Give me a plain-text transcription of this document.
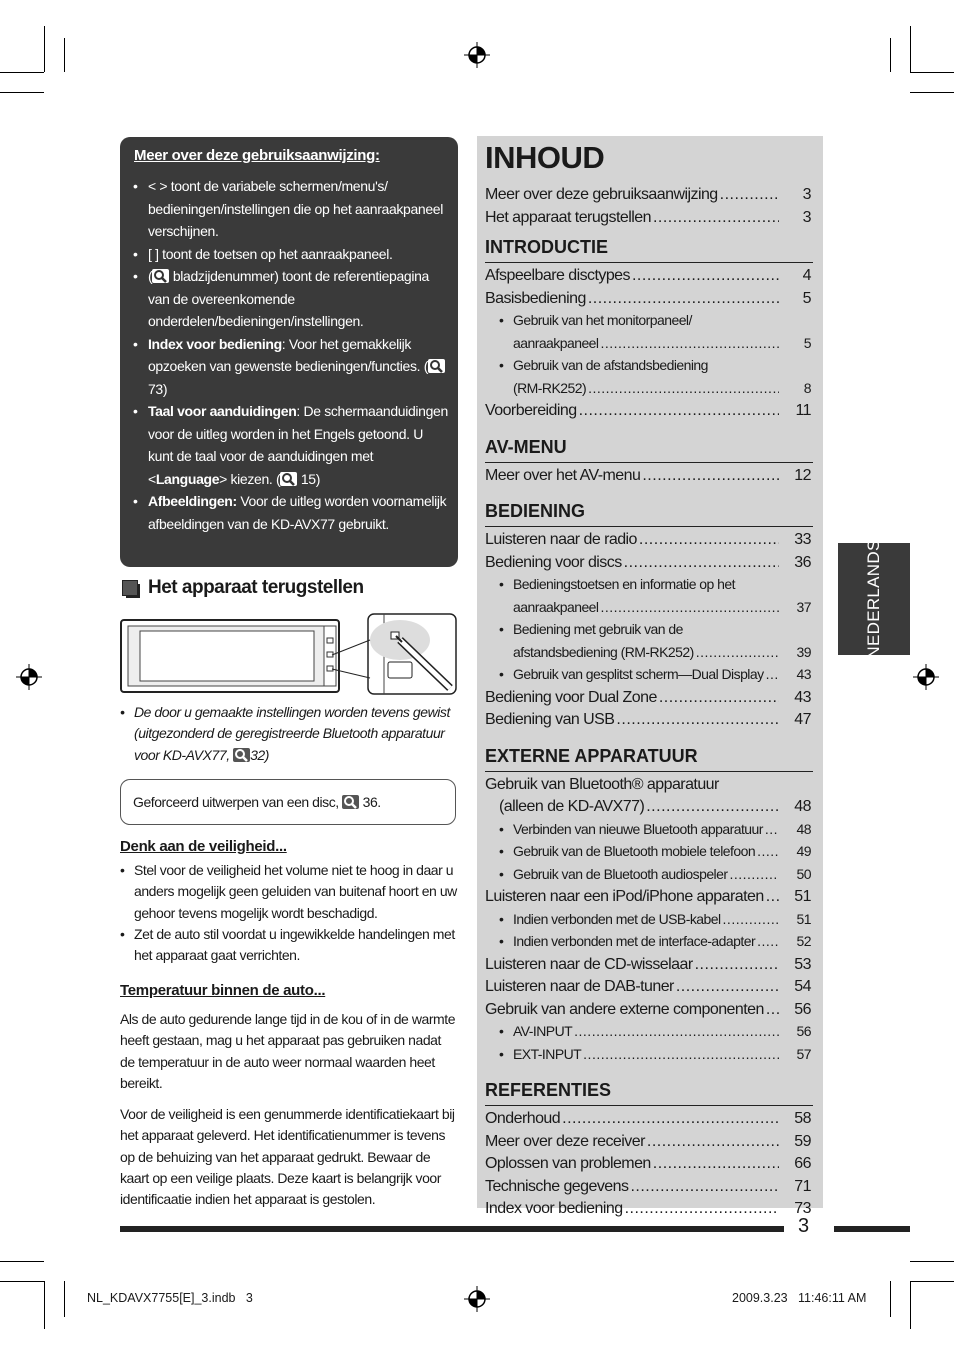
Meer over deze gebruiksaanwijzing:
• < > toont de variabele schermen/menu's/ bedieningen/instellingen die op het aanraakpaneel verschijnen.
• [ ] toont de toetsen op het aanraakpaneel.
• ( bladzijdenummer) toont de referentiepagina van de overeenkomende onderdelen/bedieningen/instellingen.
• Index voor bediening: Voor het gemakkelijk opzoeken van gewenste bedieningen/functies. (
73)
• Taal voor aanduidingen: De schermaanduidingen voor de uitleg worden in het Engels getoond. U kunt de taal voor de aanduidingen met <Language> kiezen. ( 15)
• Afbeeldingen: Voor de uitleg worden voornamelijk afbeeldingen van de KD-AVX77 gebruikt.
Het apparaat terugstellen
• De door u gemaakte instellingen worden tevens gewist (uitgezonderd de geregistreerde Bluetooth apparatuur voor KD-AVX77, 32)
Geforceerd uitwerpen van een disc, 36.
Denk aan de veiligheid...
• Stel voor de veiligheid het volume niet te hoog in daar u anders mogelijk geen geluiden van buitenaf hoort en uw gehoor tevens mogelijk wordt beschadigd.
• Zet de auto stil voordat u ingewikkelde handelingen met het apparaat gaat verrichten.
Temperatuur binnen de auto...
Als de auto gedurende lange tijd in de kou of in de warmte heeft gestaan, mag u het apparaat pas gebruiken nadat de temperatuur in de auto weer normaal waarden heet bereikt.
Voor de veiligheid is een genummerde identificatiekaart bij het apparaat geleverd. Het identificatienummer is tevens op de behuizing van het apparaat gedrukt. Bewaar de kaart op een veilige plaats. Deze kaart is belangrijk voor identificaatie indien het apparaat is gestolen.
INHOUD
Meer over deze gebruiksaanwijzing .....	3
Het apparaat terugstellen .....	3
INTRODUCTIE
Afspeelbare disctypes .....	4
Basisbediening .....	5
• Gebruik van het monitorpaneel/
aanraakpaneel .....	5
• Gebruik van de afstandsbediening
(RM-RK252) .....	8
Voorbereiding .....	11
AV-MENU
Meer over het AV-menu .....	12
BEDIENING
Luisteren naar de radio .....	33
Bediening voor discs .....	36
• Bedieningstoetsen en informatie op het
aanraakpaneel .....	37
• Bediening met gebruik van de
afstandsbediening (RM-RK252) .....	39
• Gebruik van gesplitst scherm—Dual Display .....	43
Bediening voor Dual Zone .....	43
Bediening van USB .....	47
EXTERNE APPARATUUR
Gebruik van Bluetooth® apparatuur
(alleen de KD-AVX77) .....	48
• Verbinden van nieuwe Bluetooth apparatuur .....	48
• Gebruik van de Bluetooth mobiele telefoon .....	49
• Gebruik van de Bluetooth audiospeler .....	50
Luisteren naar een iPod/iPhone apparaten .....	51
• Indien verbonden met de USB-kabel .....	51
• Indien verbonden met de interface-adapter .....	52
Luisteren naar de CD-wisselaar .....	53
Luisteren naar de DAB-tuner .....	54
Gebruik van andere externe componenten .....	56
• AV-INPUT .....	56
• EXT-INPUT .....	57
REFERENTIES
Onderhoud .....	58
Meer over deze receiver .....	59
Oplossen van problemen .....	66
Technische gegevens .....	71
Index voor bediening .....	73
NEDERLANDS
3
NL_KDAVX7755[E]_3.indb   3	2009.3.23   11:46:11 AM
